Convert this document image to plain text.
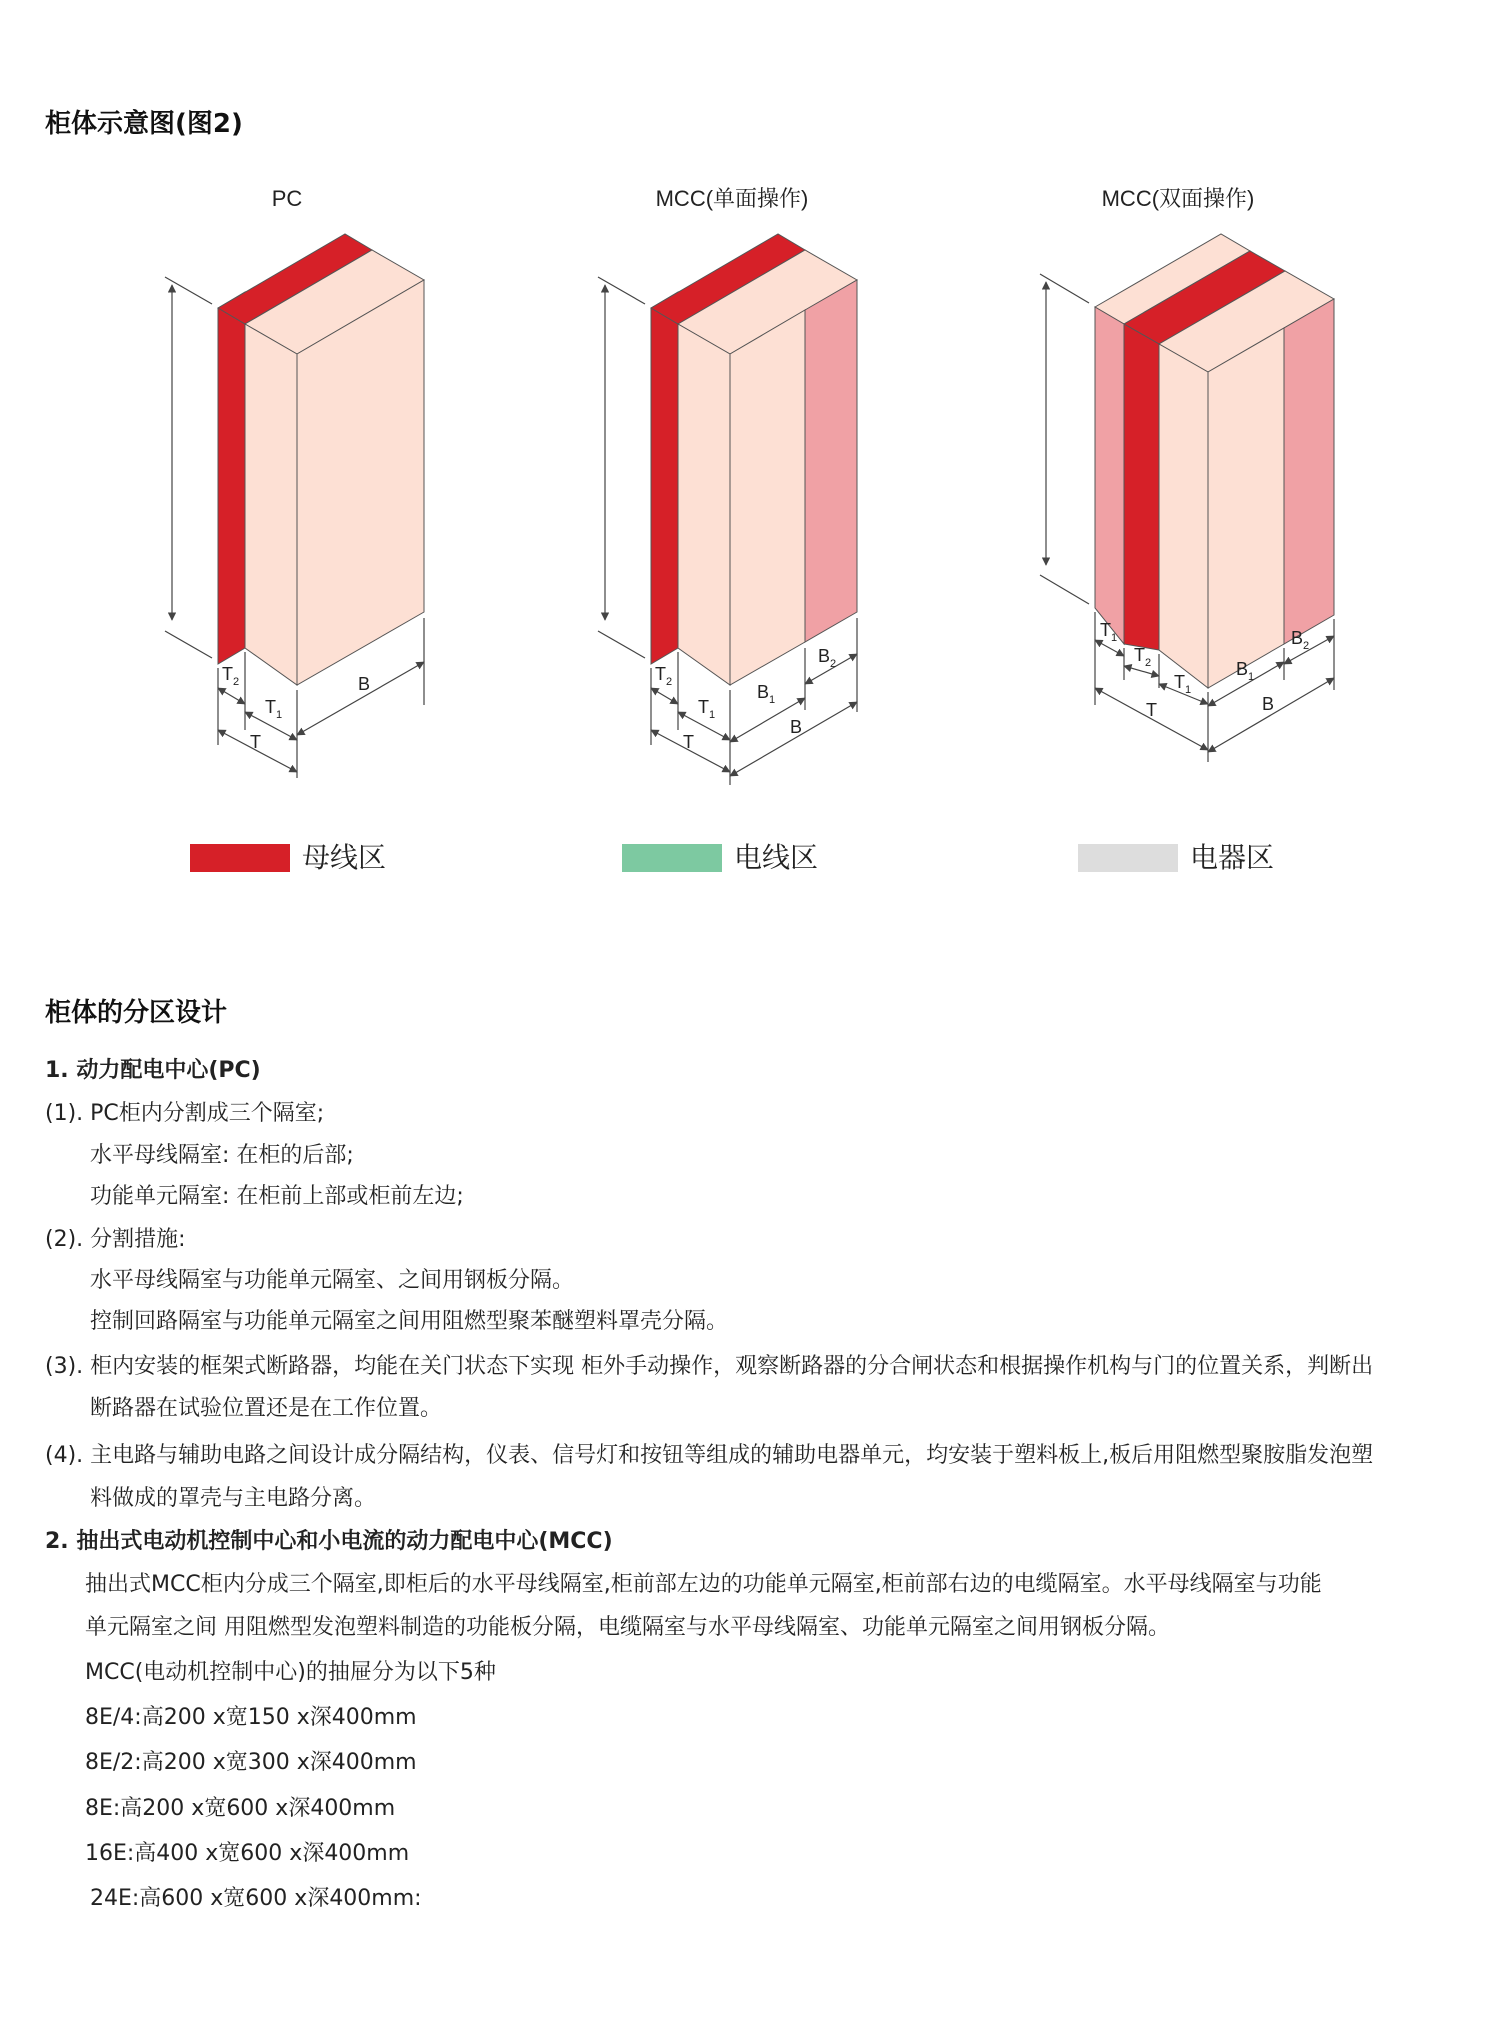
柜体示意图(图2)
PC
$T_2$
$T_1$
T
B
MCC(单面操作)
$T_2$
$T_1$
T
$B_1$
$B_2$
B
MCC(双面操作)
$T_1$
$T_2$
$T_1$
T
$B_1$
$B_2$
B
母线区	电线区	电器区
柜体的分区设计
1. 动力配电中心(PC)
(1). PC柜内分割成三个隔室;
水平母线隔室: 在柜的后部;
功能单元隔室: 在柜前上部或柜前左边;
(2). 分割措施:
水平母线隔室与功能单元隔室、之间用钢板分隔。
控制回路隔室与功能单元隔室之间用阻燃型聚苯醚塑料罩壳分隔。
(3). 柜内安装的框架式断路器，均能在关门状态下实现 柜外手动操作，观察断路器的分合闸状态和根据操作机构与门的位置关系，判断出
断路器在试验位置还是在工作位置。
(4). 主电路与辅助电路之间设计成分隔结构，仪表、信号灯和按钮等组成的辅助电器单元，均安装于塑料板上,板后用阻燃型聚胺脂发泡塑
料做成的罩壳与主电路分离。
2. 抽出式电动机控制中心和小电流的动力配电中心(MCC)
抽出式MCC柜内分成三个隔室,即柜后的水平母线隔室,柜前部左边的功能单元隔室,柜前部右边的电缆隔室。水平母线隔室与功能
单元隔室之间 用阻燃型发泡塑料制造的功能板分隔，电缆隔室与水平母线隔室、功能单元隔室之间用钢板分隔。
MCC(电动机控制中心)的抽屉分为以下5种
8E/4:高200 x宽150 x深400mm
8E/2:高200 x宽300 x深400mm
8E:高200 x宽600 x深400mm
16E:高400 x宽600 x深400mm
24E:高600 x宽600 x深400mm:
